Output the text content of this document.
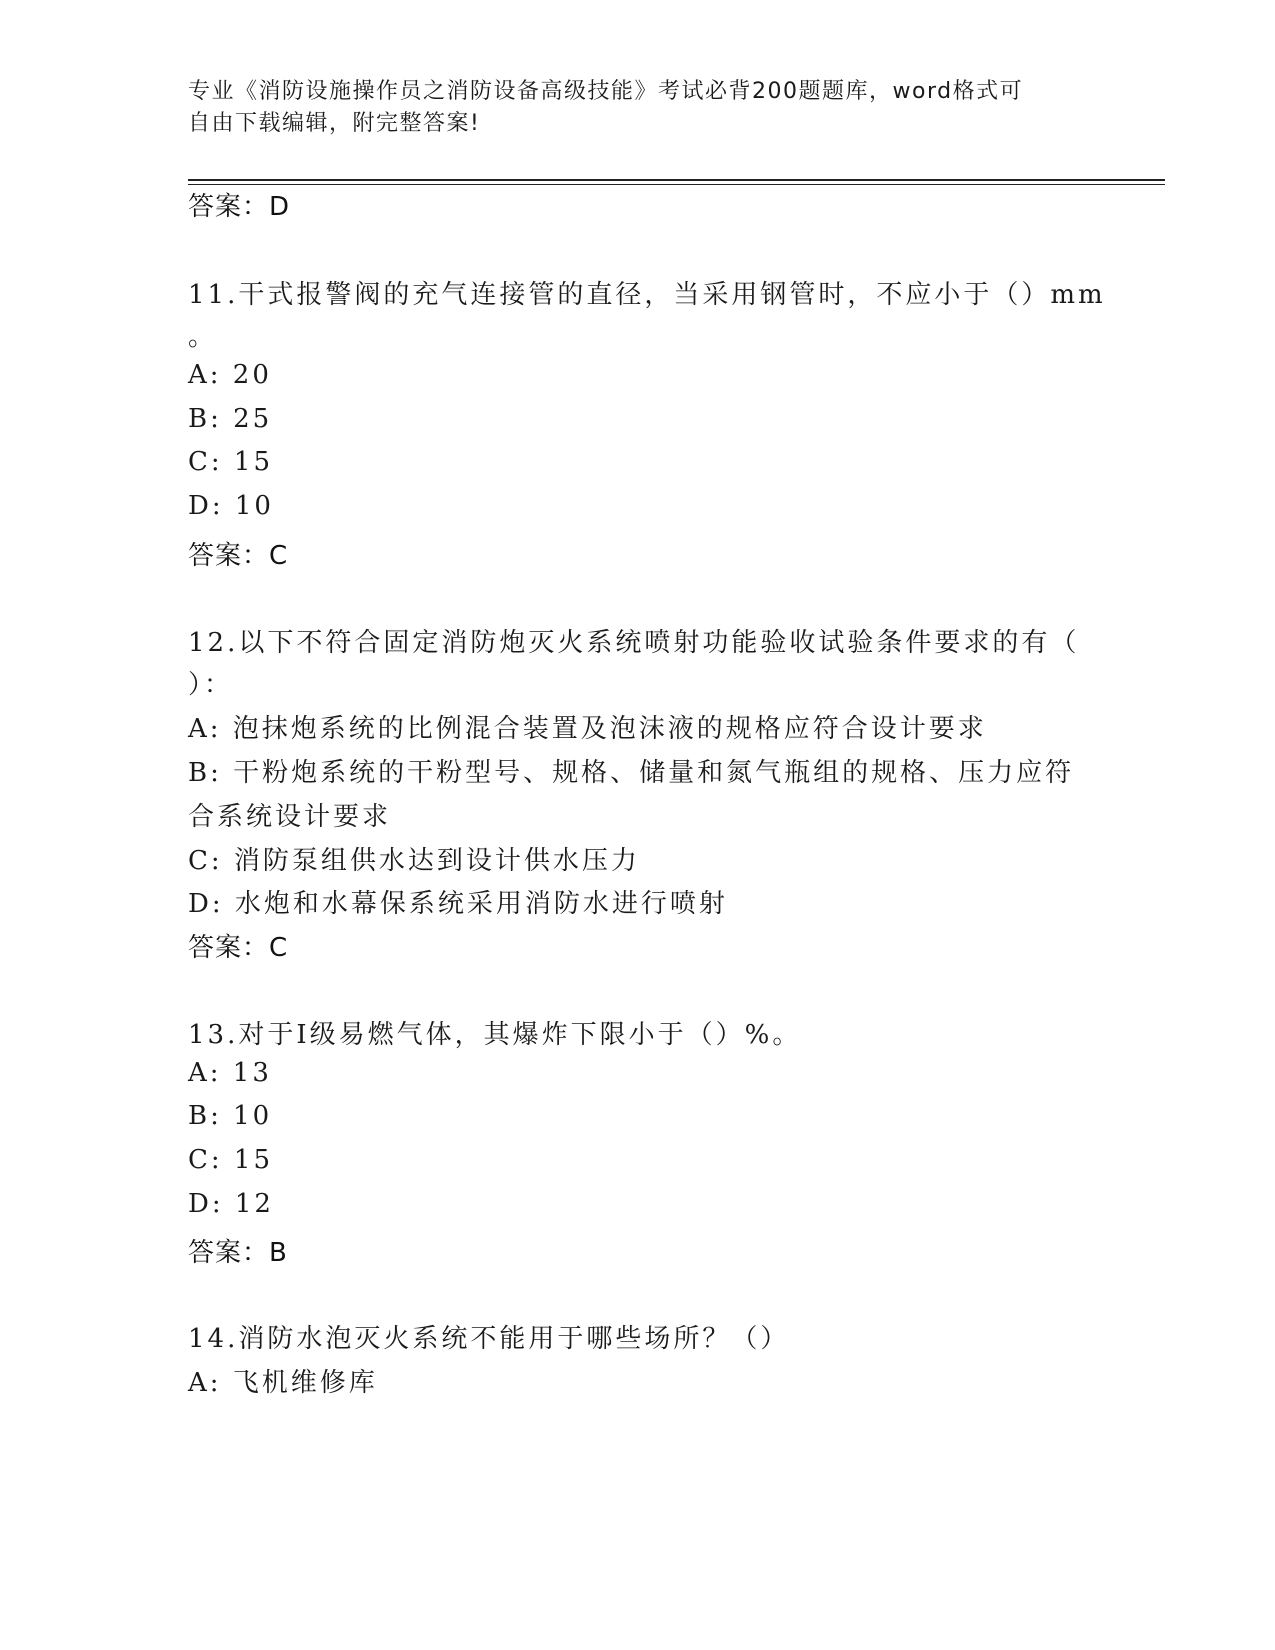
专业《消防设施操作员之消防设备高级技能》考试必背200题题库，word格式可
自由下载编辑，附完整答案!
答案：D
11.干式报警阀的充气连接管的直径，当采用钢管时，不应小于（）mm
。
A: 20
B: 25
C: 15
D: 10
答案：C
12.以下不符合固定消防炮灭火系统喷射功能验收试验条件要求的有（
）：
A: 泡抹炮系统的比例混合装置及泡沫液的规格应符合设计要求
B: 干粉炮系统的干粉型号、规格、储量和氮气瓶组的规格、压力应符
合系统设计要求
C: 消防泵组供水达到设计供水压力
D: 水炮和水幕保系统采用消防水进行喷射
答案：C
13.对于Ⅰ级易燃气体，其爆炸下限小于（）%。
A: 13
B: 10
C: 15
D: 12
答案：B
14.消防水泡灭火系统不能用于哪些场所？（）
A: 飞机维修库
